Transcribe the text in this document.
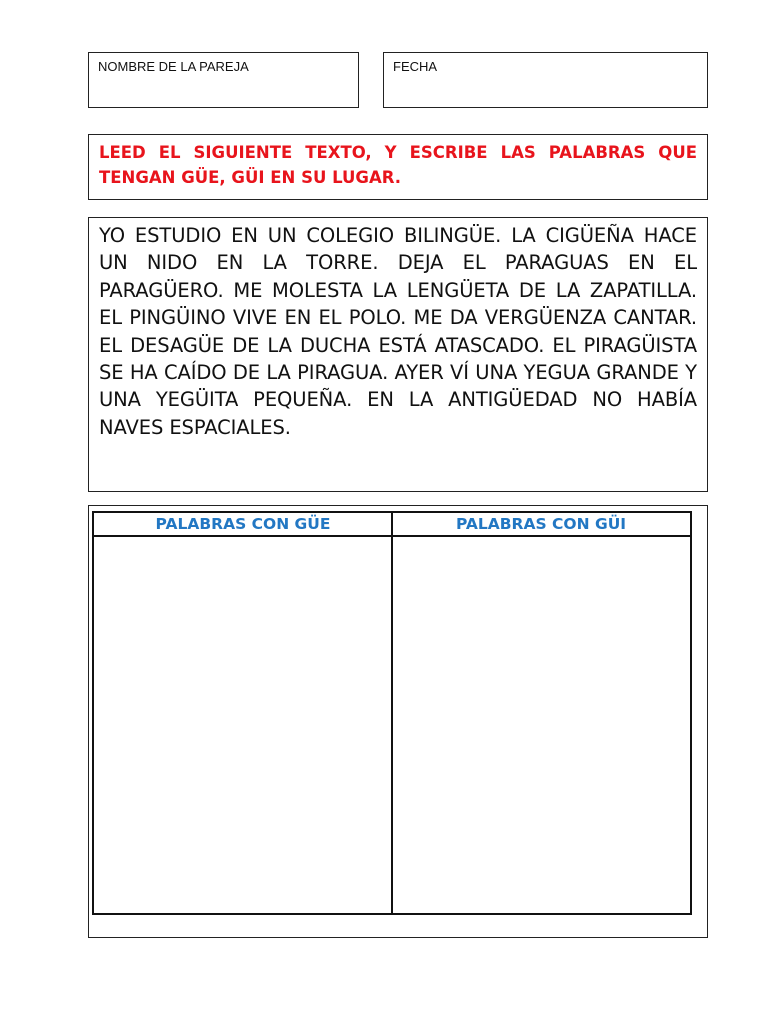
NOMBRE DE LA PAREJA	FECHA
LEED EL SIGUIENTE TEXTO, Y ESCRIBE LAS PALABRAS QUE TENGAN GÜE, GÜI EN SU LUGAR.
YO ESTUDIO EN UN COLEGIO BILINGÜE. LA CIGÜEÑA HACE UN NIDO EN LA TORRE. DEJA EL PARAGUAS EN EL PARAGÜERO. ME MOLESTA LA LENGÜETA DE LA ZAPATILLA. EL PINGÜINO VIVE EN EL POLO. ME DA VERGÜENZA CANTAR. EL DESAGÜE DE LA DUCHA ESTÁ ATASCADO. EL PIRAGÜISTA SE HA CAÍDO DE LA PIRAGUA. AYER VÍ UNA YEGUA GRANDE Y UNA YEGÜITA PEQUEÑA. EN LA ANTIGÜEDAD NO HABÍA NAVES ESPACIALES.
PALABRAS CON GÜE	PALABRAS CON GÜI
